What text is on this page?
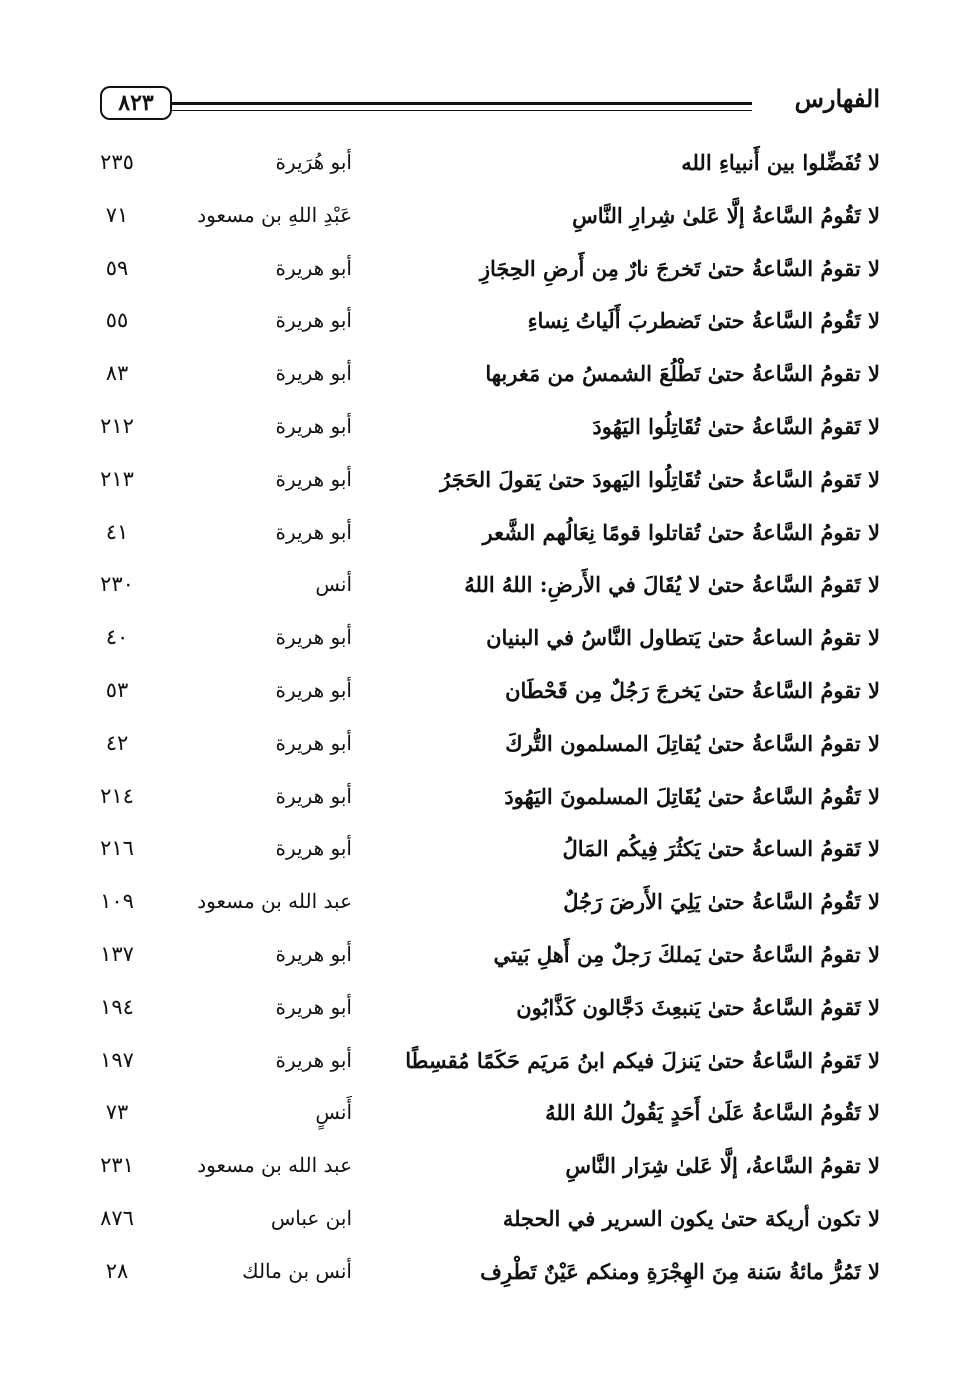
٨٢٣	الفهارس
لا تُفَضِّلوا بين أَنبياءِ الله
أبو هُرَيرة
٢٣٥
لا تَقُومُ السَّاعةُ إلَّا عَلىٰ شِرارِ النَّاسِ
عَبْدِ اللهِ بن مسعود
٧١
لا تقومُ السَّاعةُ حتىٰ تَخرجَ نارٌ مِن أَرضِ الحِجَازِ
أبو هريرة
٥٩
لا تَقُومُ السَّاعةُ حتىٰ تَضطربَ أَلَياتُ نِساءِ
أبو هريرة
٥٥
لا تقومُ السَّاعةُ حتىٰ تَطْلُعَ الشمسُ من مَغربها
أبو هريرة
٨٣
لا تَقومُ السَّاعةُ حتىٰ تُقَاتِلُوا اليَهُودَ
أبو هريرة
٢١٢
لا تَقومُ السَّاعةُ حتىٰ تُقَاتِلُوا اليَهودَ حتىٰ يَقولَ الحَجَرُ
أبو هريرة
٢١٣
لا تقومُ السَّاعةُ حتىٰ تُقاتلوا قومًا نِعَالُهم الشَّعر
أبو هريرة
٤١
لا تَقومُ السَّاعةُ حتىٰ لا يُقَالَ في الأَرضِ: اللهُ اللهُ
أنس
٢٣٠
لا تقومُ الساعةُ حتىٰ يَتطاول النَّاسُ في البنيان
أبو هريرة
٤٠
لا تقومُ السَّاعةُ حتىٰ يَخرجَ رَجُلٌ مِن قَحْطَان
أبو هريرة
٥٣
لا تقومُ السَّاعةُ حتىٰ يُقاتِلَ المسلمون التُّركَ
أبو هريرة
٤٢
لا تَقُومُ السَّاعةُ حتىٰ يُقَاتِلَ المسلمونَ اليَهُودَ
أبو هريرة
٢١٤
لا تَقومُ الساعةُ حتىٰ يَكثُرَ فِيكُم المَالُ
أبو هريرة
٢١٦
لا تَقُومُ السَّاعةُ حتىٰ يَلِيَ الأَرضَ رَجُلٌ
عبد الله بن مسعود
١٠٩
لا تقومُ السَّاعةُ حتىٰ يَملكَ رَجلٌ مِن أَهلِ بَيتي
أبو هريرة
١٣٧
لا تَقومُ السَّاعةُ حتىٰ يَنبعِثَ دَجَّالون كَذَّابُون
أبو هريرة
١٩٤
لا تَقومُ السَّاعةُ حتىٰ يَنزلَ فيكم ابنُ مَريَم حَكَمًا مُقسِطًا
أبو هريرة
١٩٧
لا تَقُومُ السَّاعةُ عَلَىٰ أَحَدٍ يَقُولُ اللهُ اللهُ
أَنسٍ
٧٣
لا تقومُ السَّاعةُ، إلَّا عَلىٰ شِرَار النَّاسِ
عبد الله بن مسعود
٢٣١
لا تكون أريكة حتىٰ يكون السرير في الحجلة
ابن عباس
٨٧٦
لا تَمُرُّ مائةُ سَنة مِنَ الهِجْرَةِ ومنكم عَيْنٌ تَطْرِف
أنس بن مالك
٢٨
